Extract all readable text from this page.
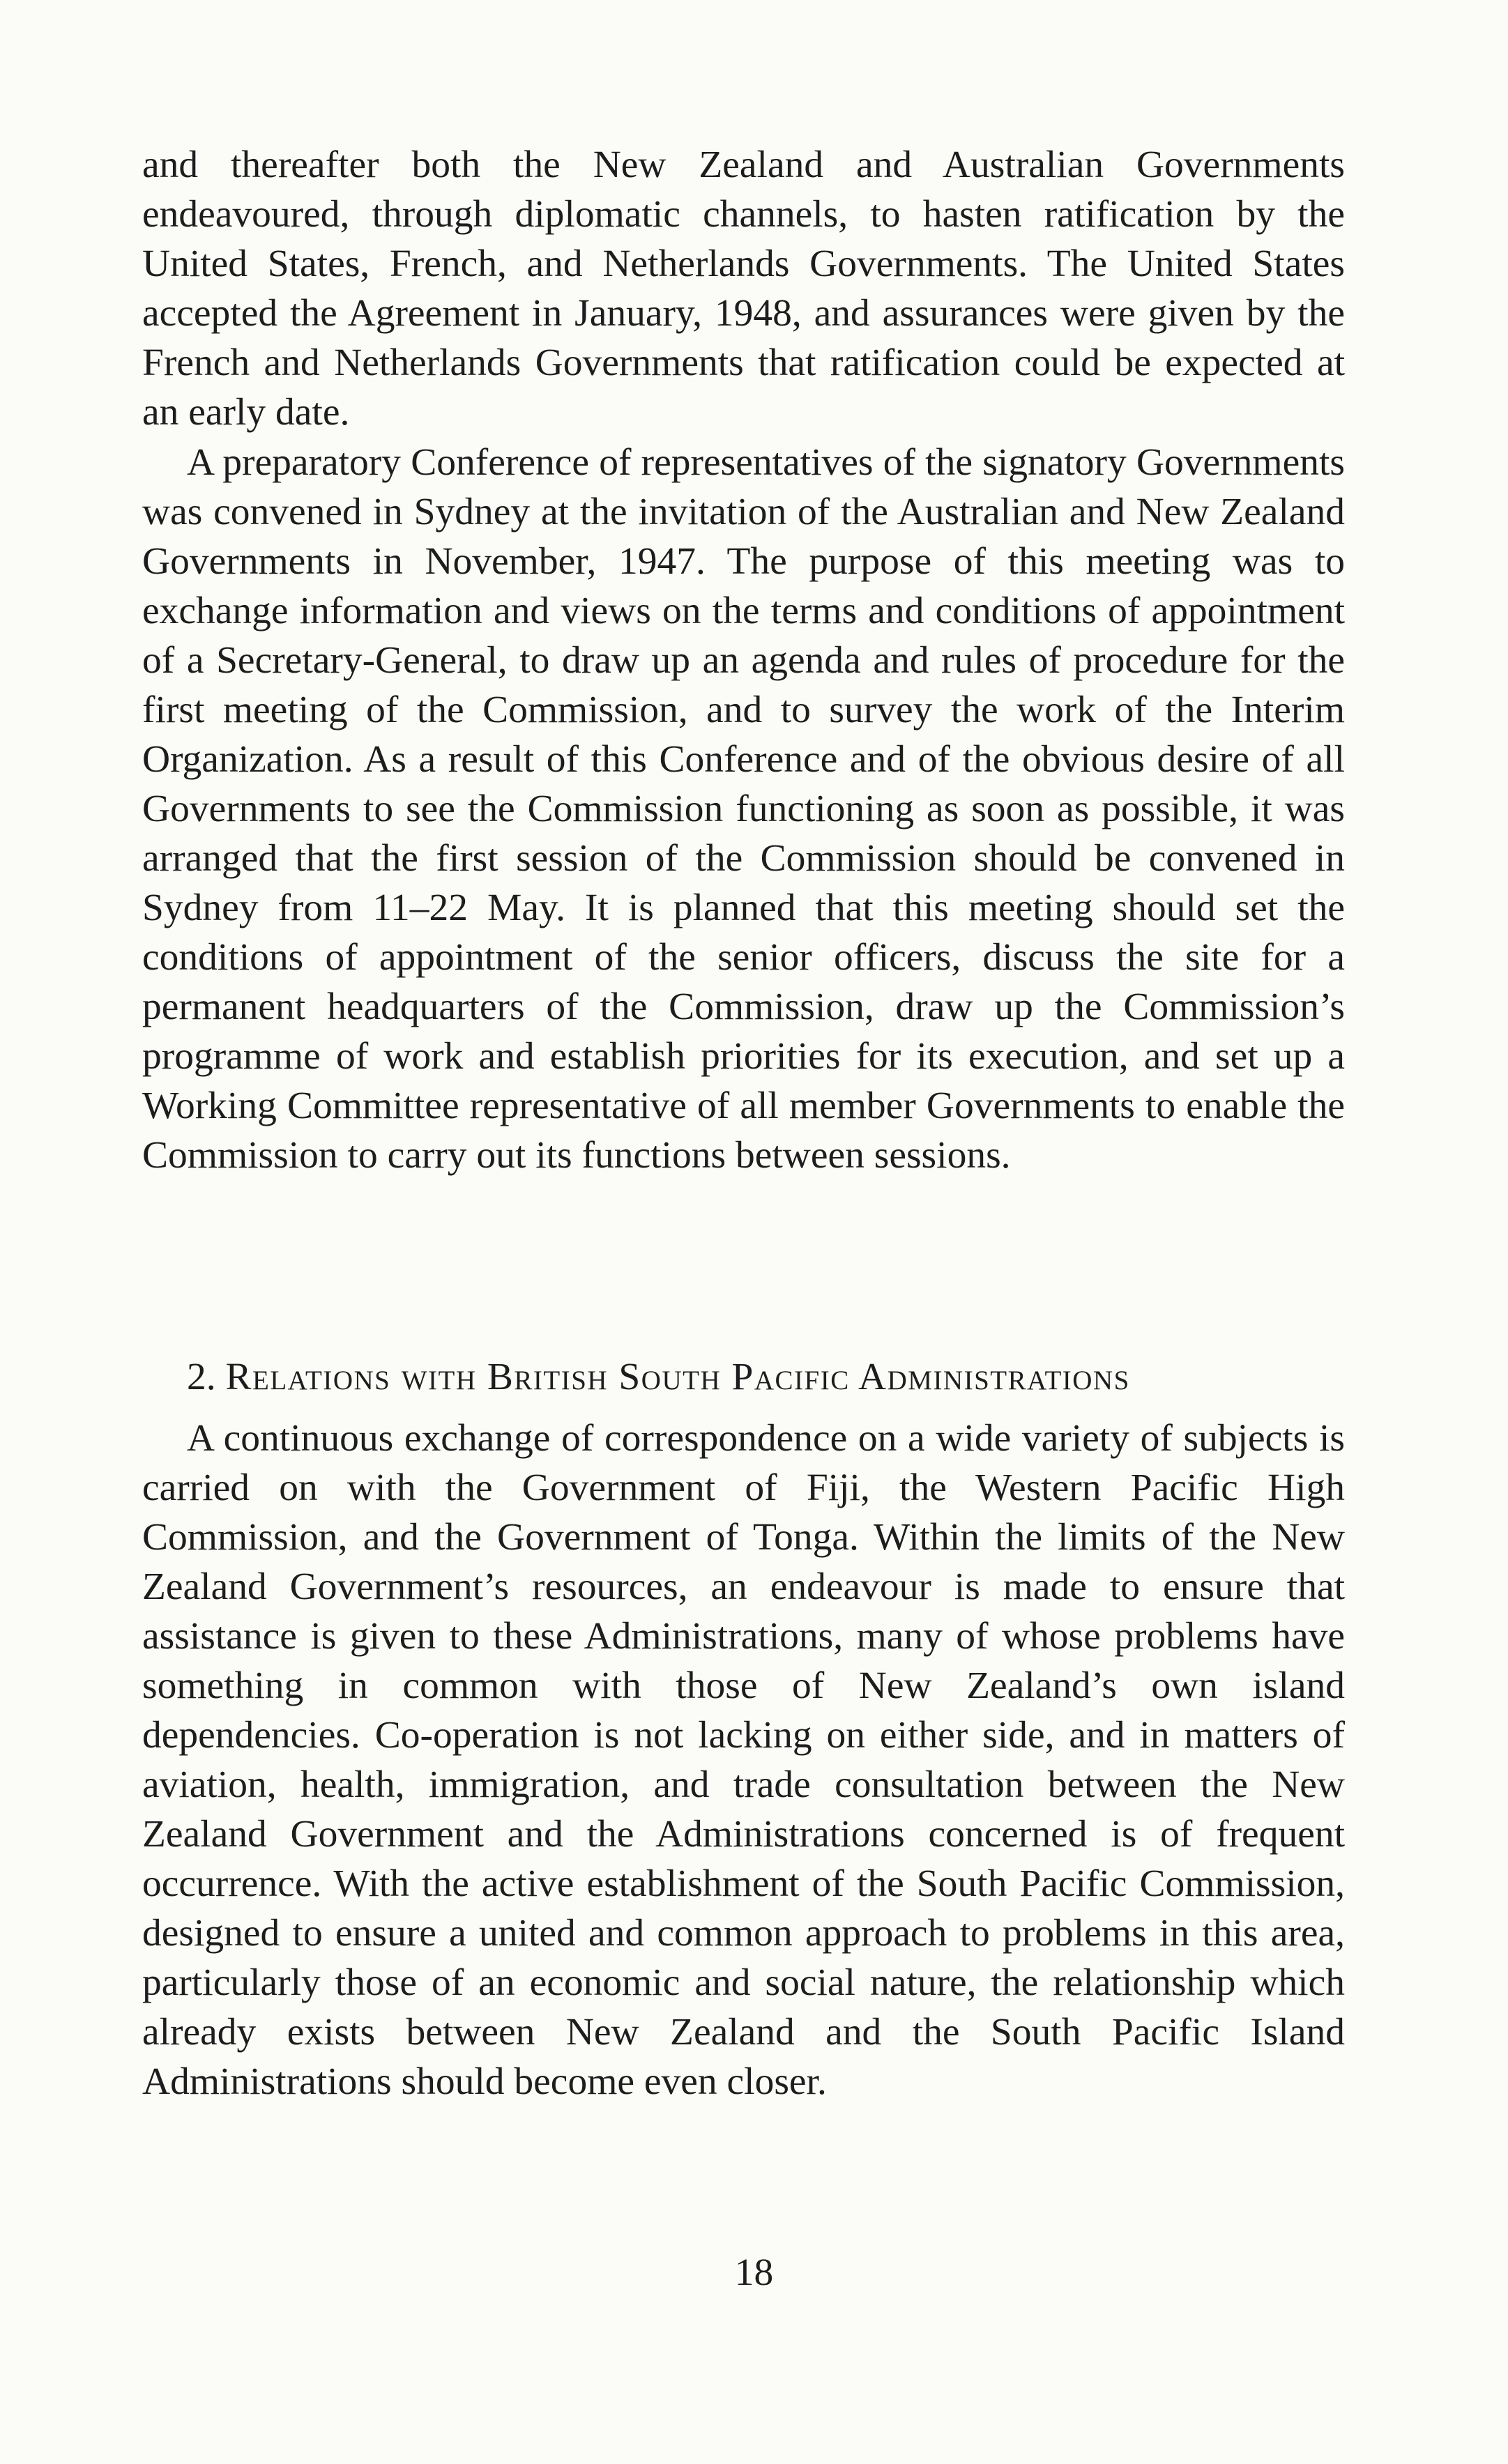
and thereafter both the New Zealand and Australian Governments endeavoured, through diplomatic channels, to hasten ratification by the United States, French, and Netherlands Governments. The United States accepted the Agreement in January, 1948, and assurances were given by the French and Netherlands Governments that ratification could be expected at an early date.

A preparatory Conference of representatives of the signatory Governments was convened in Sydney at the invitation of the Australian and New Zealand Governments in November, 1947. The purpose of this meeting was to exchange information and views on the terms and conditions of appointment of a Secretary-General, to draw up an agenda and rules of procedure for the first meeting of the Commission, and to survey the work of the Interim Organization. As a result of this Conference and of the obvious desire of all Governments to see the Commission functioning as soon as possible, it was arranged that the first session of the Commission should be convened in Sydney from 11–22 May. It is planned that this meeting should set the conditions of appointment of the senior officers, discuss the site for a permanent headquarters of the Commission, draw up the Commission’s programme of work and establish priorities for its execution, and set up a Working Committee representative of all member Governments to enable the Commission to carry out its functions between sessions.

2. Relations with British South Pacific Administrations

A continuous exchange of correspondence on a wide variety of subjects is carried on with the Government of Fiji, the Western Pacific High Commission, and the Government of Tonga. Within the limits of the New Zealand Government’s resources, an endeavour is made to ensure that assistance is given to these Administrations, many of whose problems have something in common with those of New Zealand’s own island dependencies. Co-operation is not lacking on either side, and in matters of aviation, health, immigration, and trade consultation between the New Zealand Government and the Administrations concerned is of frequent occurrence. With the active establishment of the South Pacific Commission, designed to ensure a united and common approach to problems in this area, particularly those of an economic and social nature, the relationship which already exists between New Zealand and the South Pacific Island Administrations should become even closer.

18
